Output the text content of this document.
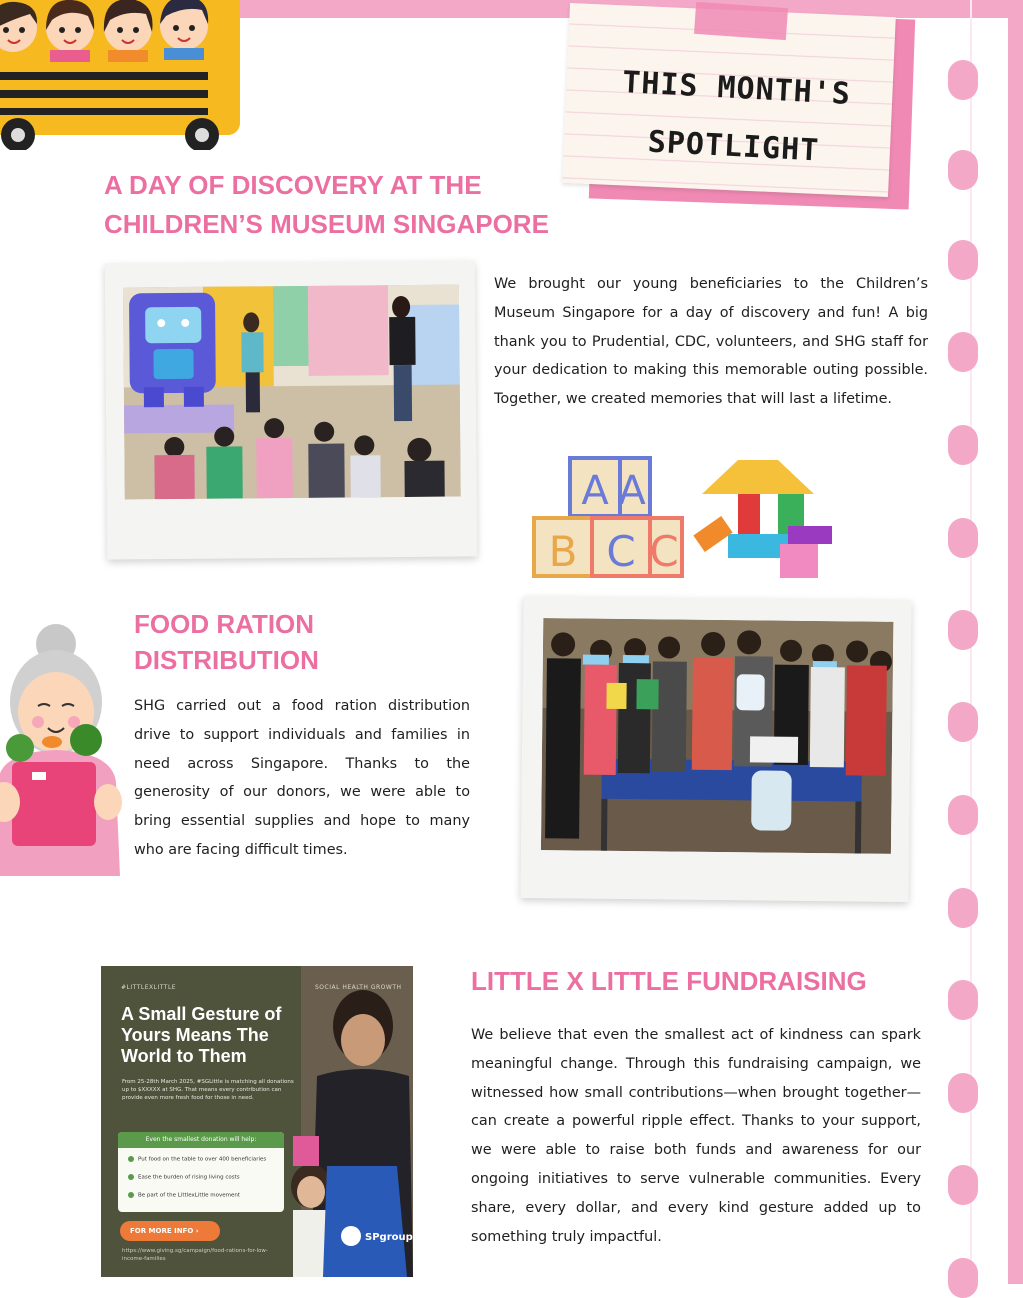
THIS MONTH'S
SPOTLIGHT
A DAY OF DISCOVERY AT THE
CHILDREN’S MUSEUM SINGAPORE

We brought our young beneficiaries to the Children’s Museum Singapore for a day of discovery and fun! A big thank you to Prudential, CDC, volunteers, and SHG staff for your dedication to making this memorable outing possible. Together, we created memories that will last a lifetime.

A A
B C C
FOOD RATION
DISTRIBUTION

SHG carried out a food ration distribution drive to support individuals and families in need across Singapore. Thanks to the generosity of our donors, we were able to bring essential supplies and hope to many who are facing difficult times.

SPgroup
#LITTLEXLITTLE	SOCIAL HEALTH GROWTH
A Small Gesture of
Yours Means The
World to Them
From 25-28th March 2025, #SGLittle is matching all donations up to $XXXXX at SHG. That means every contribution can provide even more fresh food for those in need.
Even the smallest donation will help:
Put food on the table to over 400 beneficiaries
Ease the burden of rising living costs
Be part of the LittlexLittle movement
FOR MORE INFO ›
https://www.giving.sg/campaign/food-rations-for-low-income-families
LITTLE X LITTLE FUNDRAISING

We believe that even the smallest act of kindness can spark meaningful change. Through this fundraising campaign, we witnessed how small contributions—when brought together—can create a powerful ripple effect. Thanks to your support, we were able to raise both funds and awareness for our ongoing initiatives to serve vulnerable communities. Every share, every dollar, and every kind gesture added up to something truly impactful.
